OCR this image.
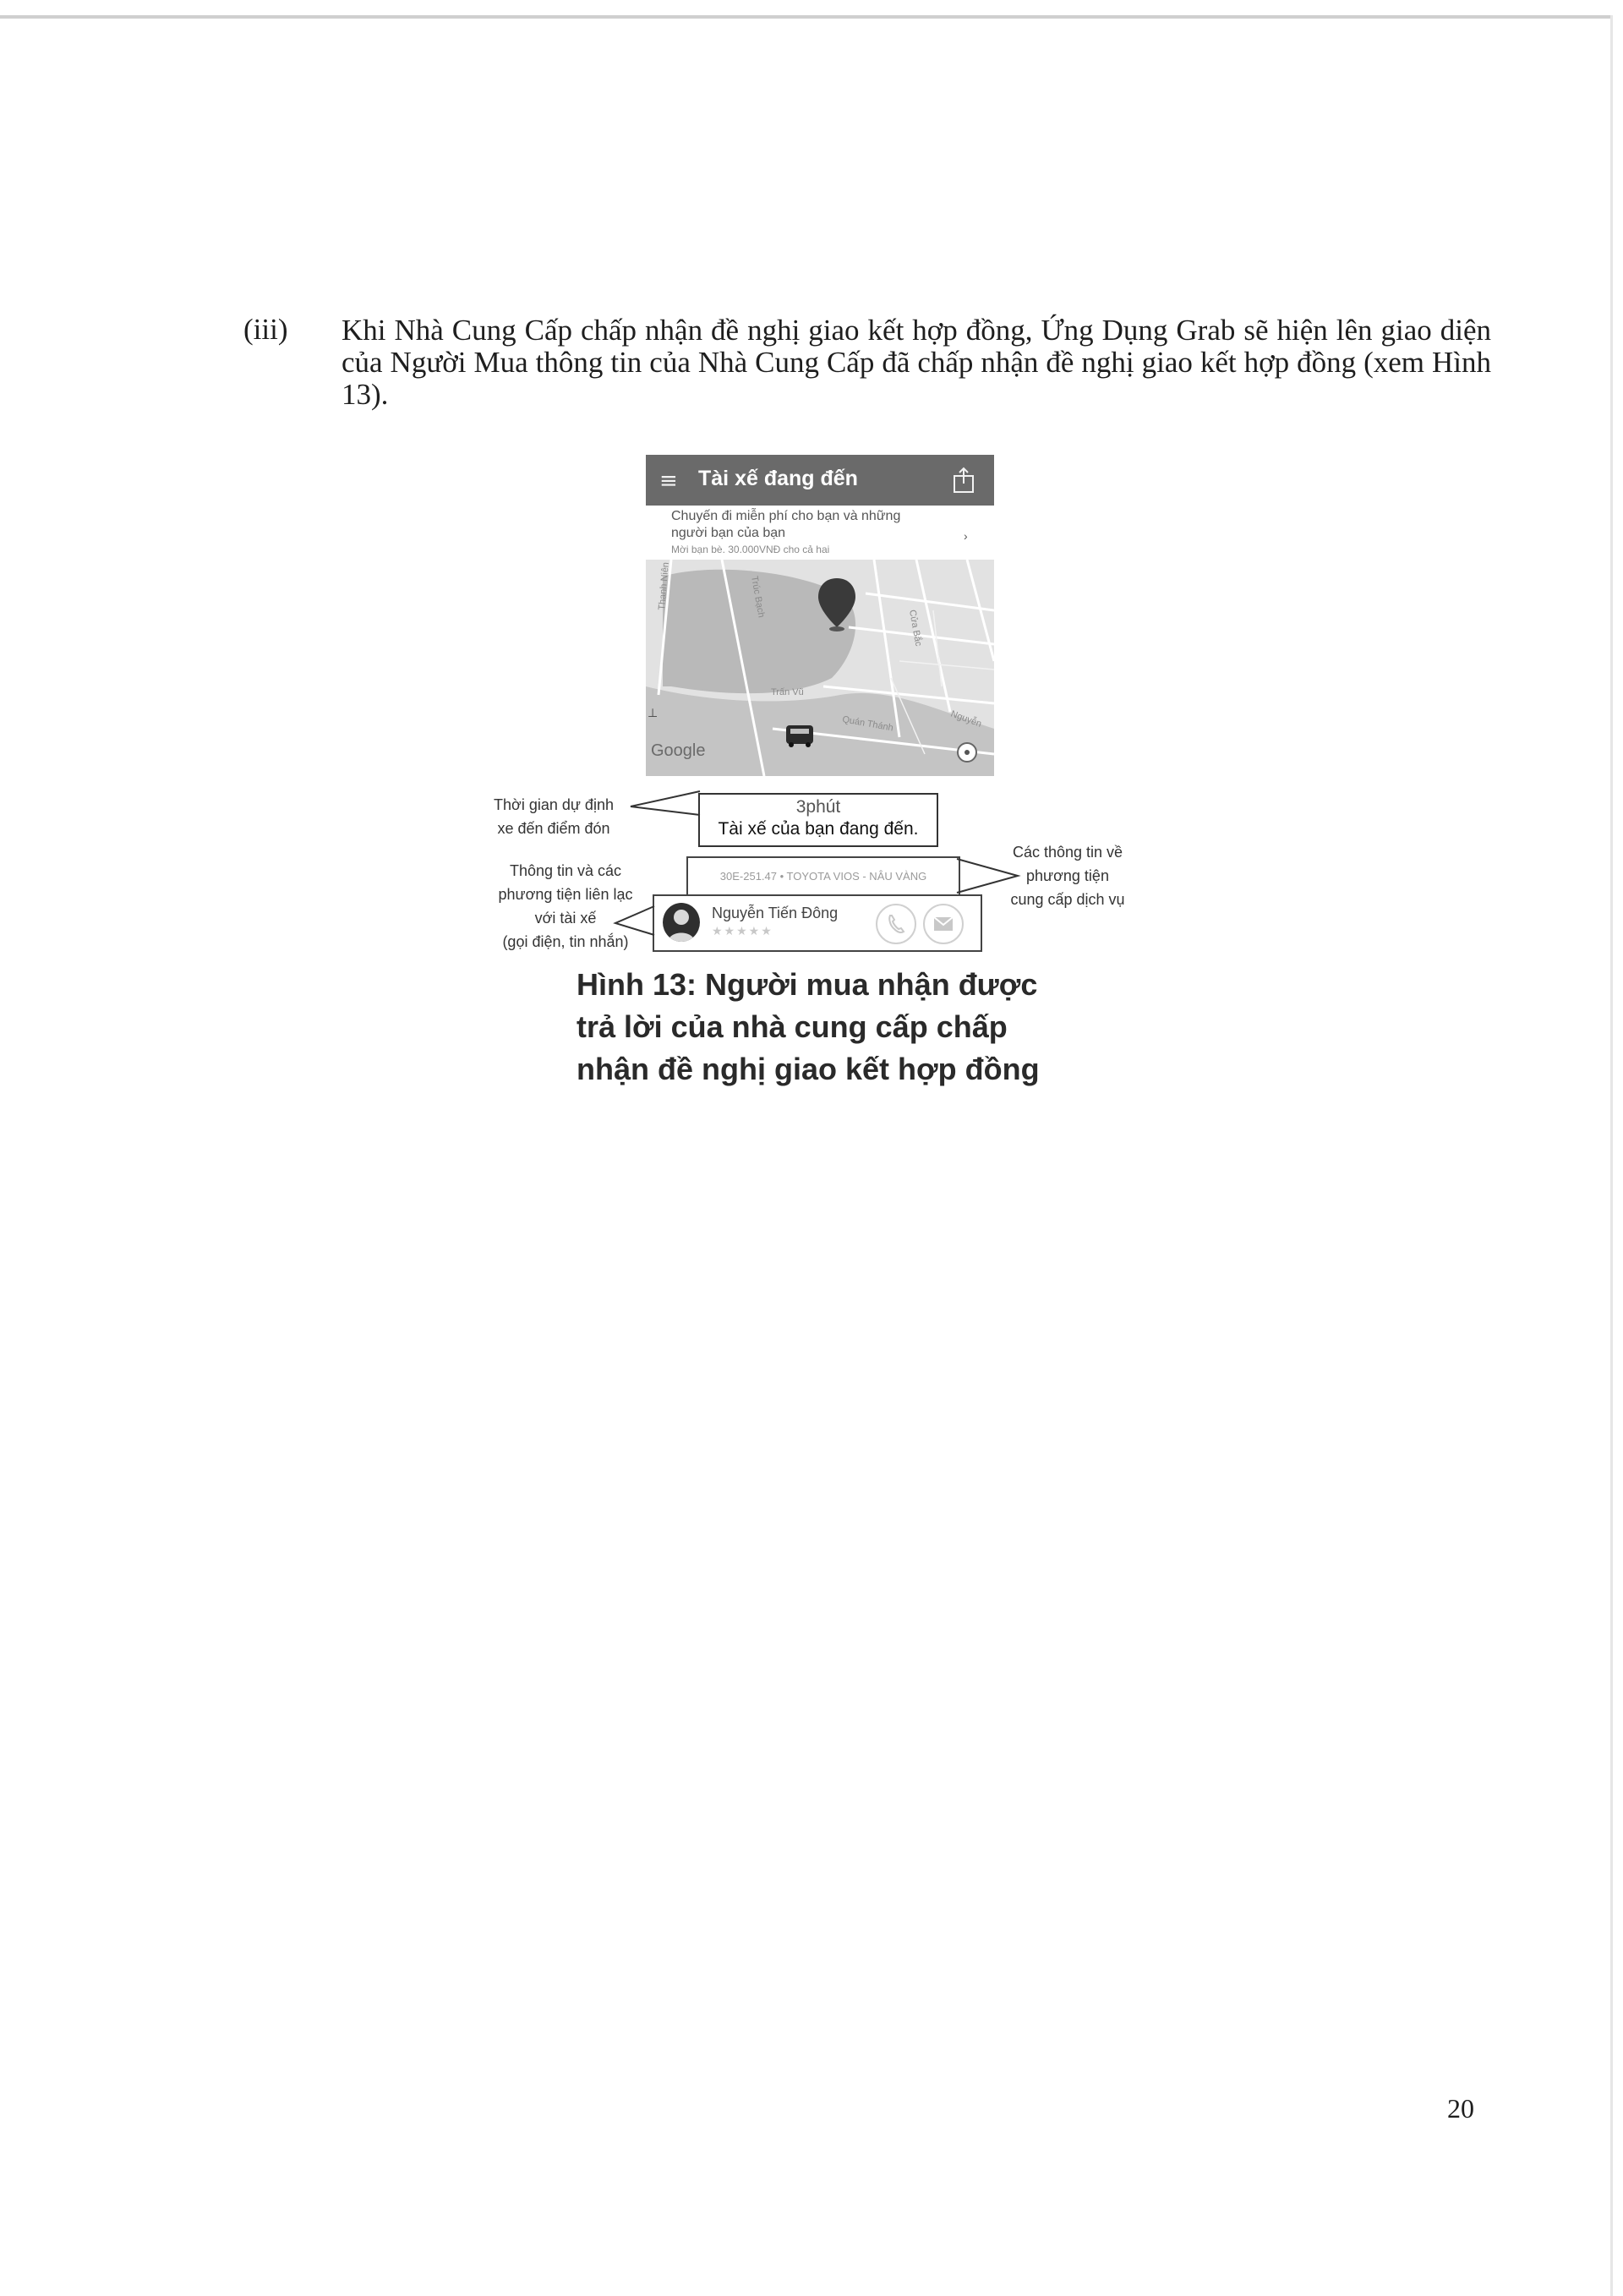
(iii) Khi Nhà Cung Cấp chấp nhận đề nghị giao kết hợp đồng, Ứng Dụng Grab sẽ hiện lên giao diện của Người Mua thông tin của Nhà Cung Cấp đã chấp nhận đề nghị giao kết hợp đồng (xem Hình 13).
≡ Tài xế đang đến
Chuyến đi miễn phí cho bạn và những
người bạn của bạn
Mời bạn bè. 30.000VNĐ cho cả hai
›
Thanh Niên	Trúc Bạch
Trấn Vũ
Quán Thánh
Cửa Bắc
Nguyễn
Google
⊥
3phút
Tài xế của bạn đang đến.
30E-251.47 • TOYOTA VIOS - NÂU VÀNG
Nguyễn Tiến Đông
★★★★★
Thời gian dự định
xe đến điểm đón
Thông tin và các
phương tiện liên lạc
với tài xế
(gọi điện, tin nhắn)
Các thông tin về
phương tiện
cung cấp dịch vụ
Hình 13: Người mua nhận được
trả lời của nhà cung cấp chấp
nhận đề nghị giao kết hợp đồng
20
